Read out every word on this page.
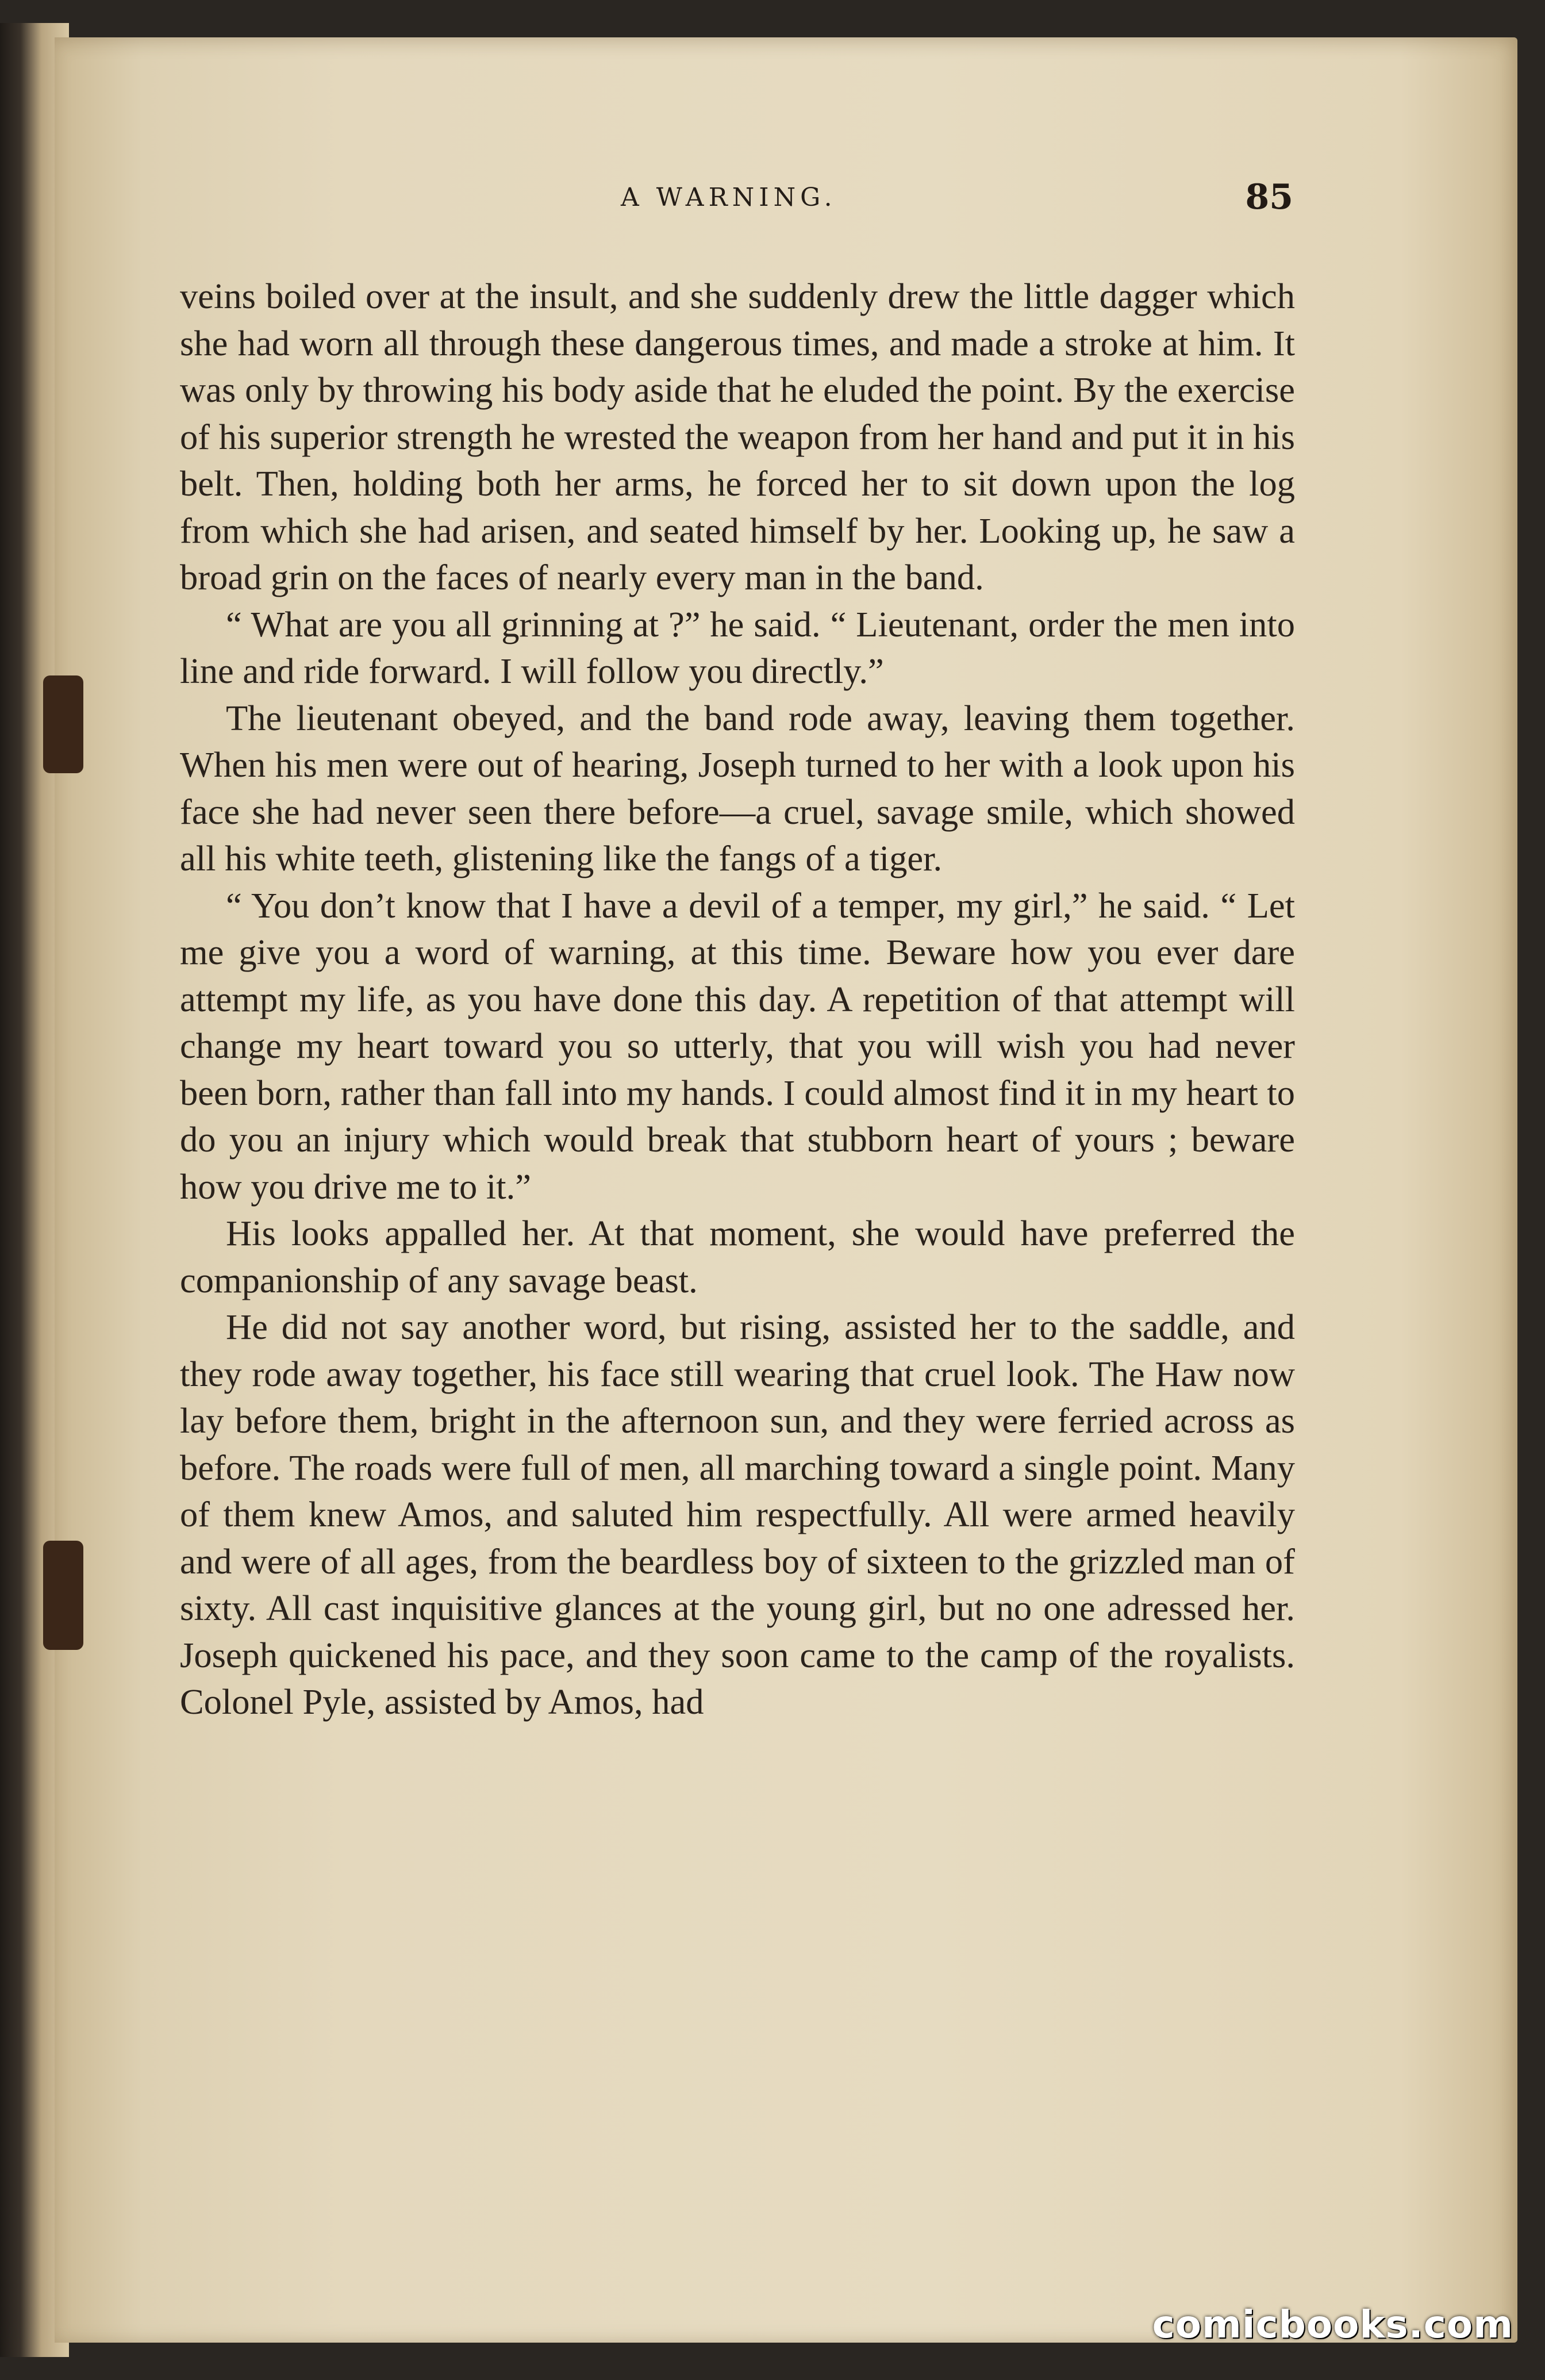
A WARNING.	85

veins boiled over at the insult, and she suddenly drew the little dagger which she had worn all through these dangerous times, and made a stroke at him. It was only by throwing his body aside that he eluded the point. By the exercise of his superior strength he wrested the weapon from her hand and put it in his belt. Then, holding both her arms, he forced her to sit down upon the log from which she had arisen, and seated himself by her. Looking up, he saw a broad grin on the faces of nearly every man in the band.

“ What are you all grinning at ?” he said. “ Lieutenant, order the men into line and ride forward. I will follow you directly.”

The lieutenant obeyed, and the band rode away, leaving them together. When his men were out of hearing, Joseph turned to her with a look upon his face she had never seen there before—a cruel, savage smile, which showed all his white teeth, glistening like the fangs of a tiger.

“ You don’t know that I have a devil of a temper, my girl,” he said. “ Let me give you a word of warning, at this time. Beware how you ever dare attempt my life, as you have done this day. A repetition of that attempt will change my heart toward you so utterly, that you will wish you had never been born, rather than fall into my hands. I could almost find it in my heart to do you an injury which would break that stubborn heart of yours ; beware how you drive me to it.”

His looks appalled her. At that moment, she would have preferred the companionship of any savage beast.

He did not say another word, but rising, assisted her to the saddle, and they rode away together, his face still wearing that cruel look. The Haw now lay before them, bright in the afternoon sun, and they were ferried across as before. The roads were full of men, all marching toward a single point. Many of them knew Amos, and saluted him respectfully. All were armed heavily and were of all ages, from the beardless boy of sixteen to the grizzled man of sixty. All cast inquisitive glances at the young girl, but no one adressed her. Joseph quickened his pace, and they soon came to the camp of the royalists. Colonel Pyle, assisted by Amos, had

comicbooks.com
